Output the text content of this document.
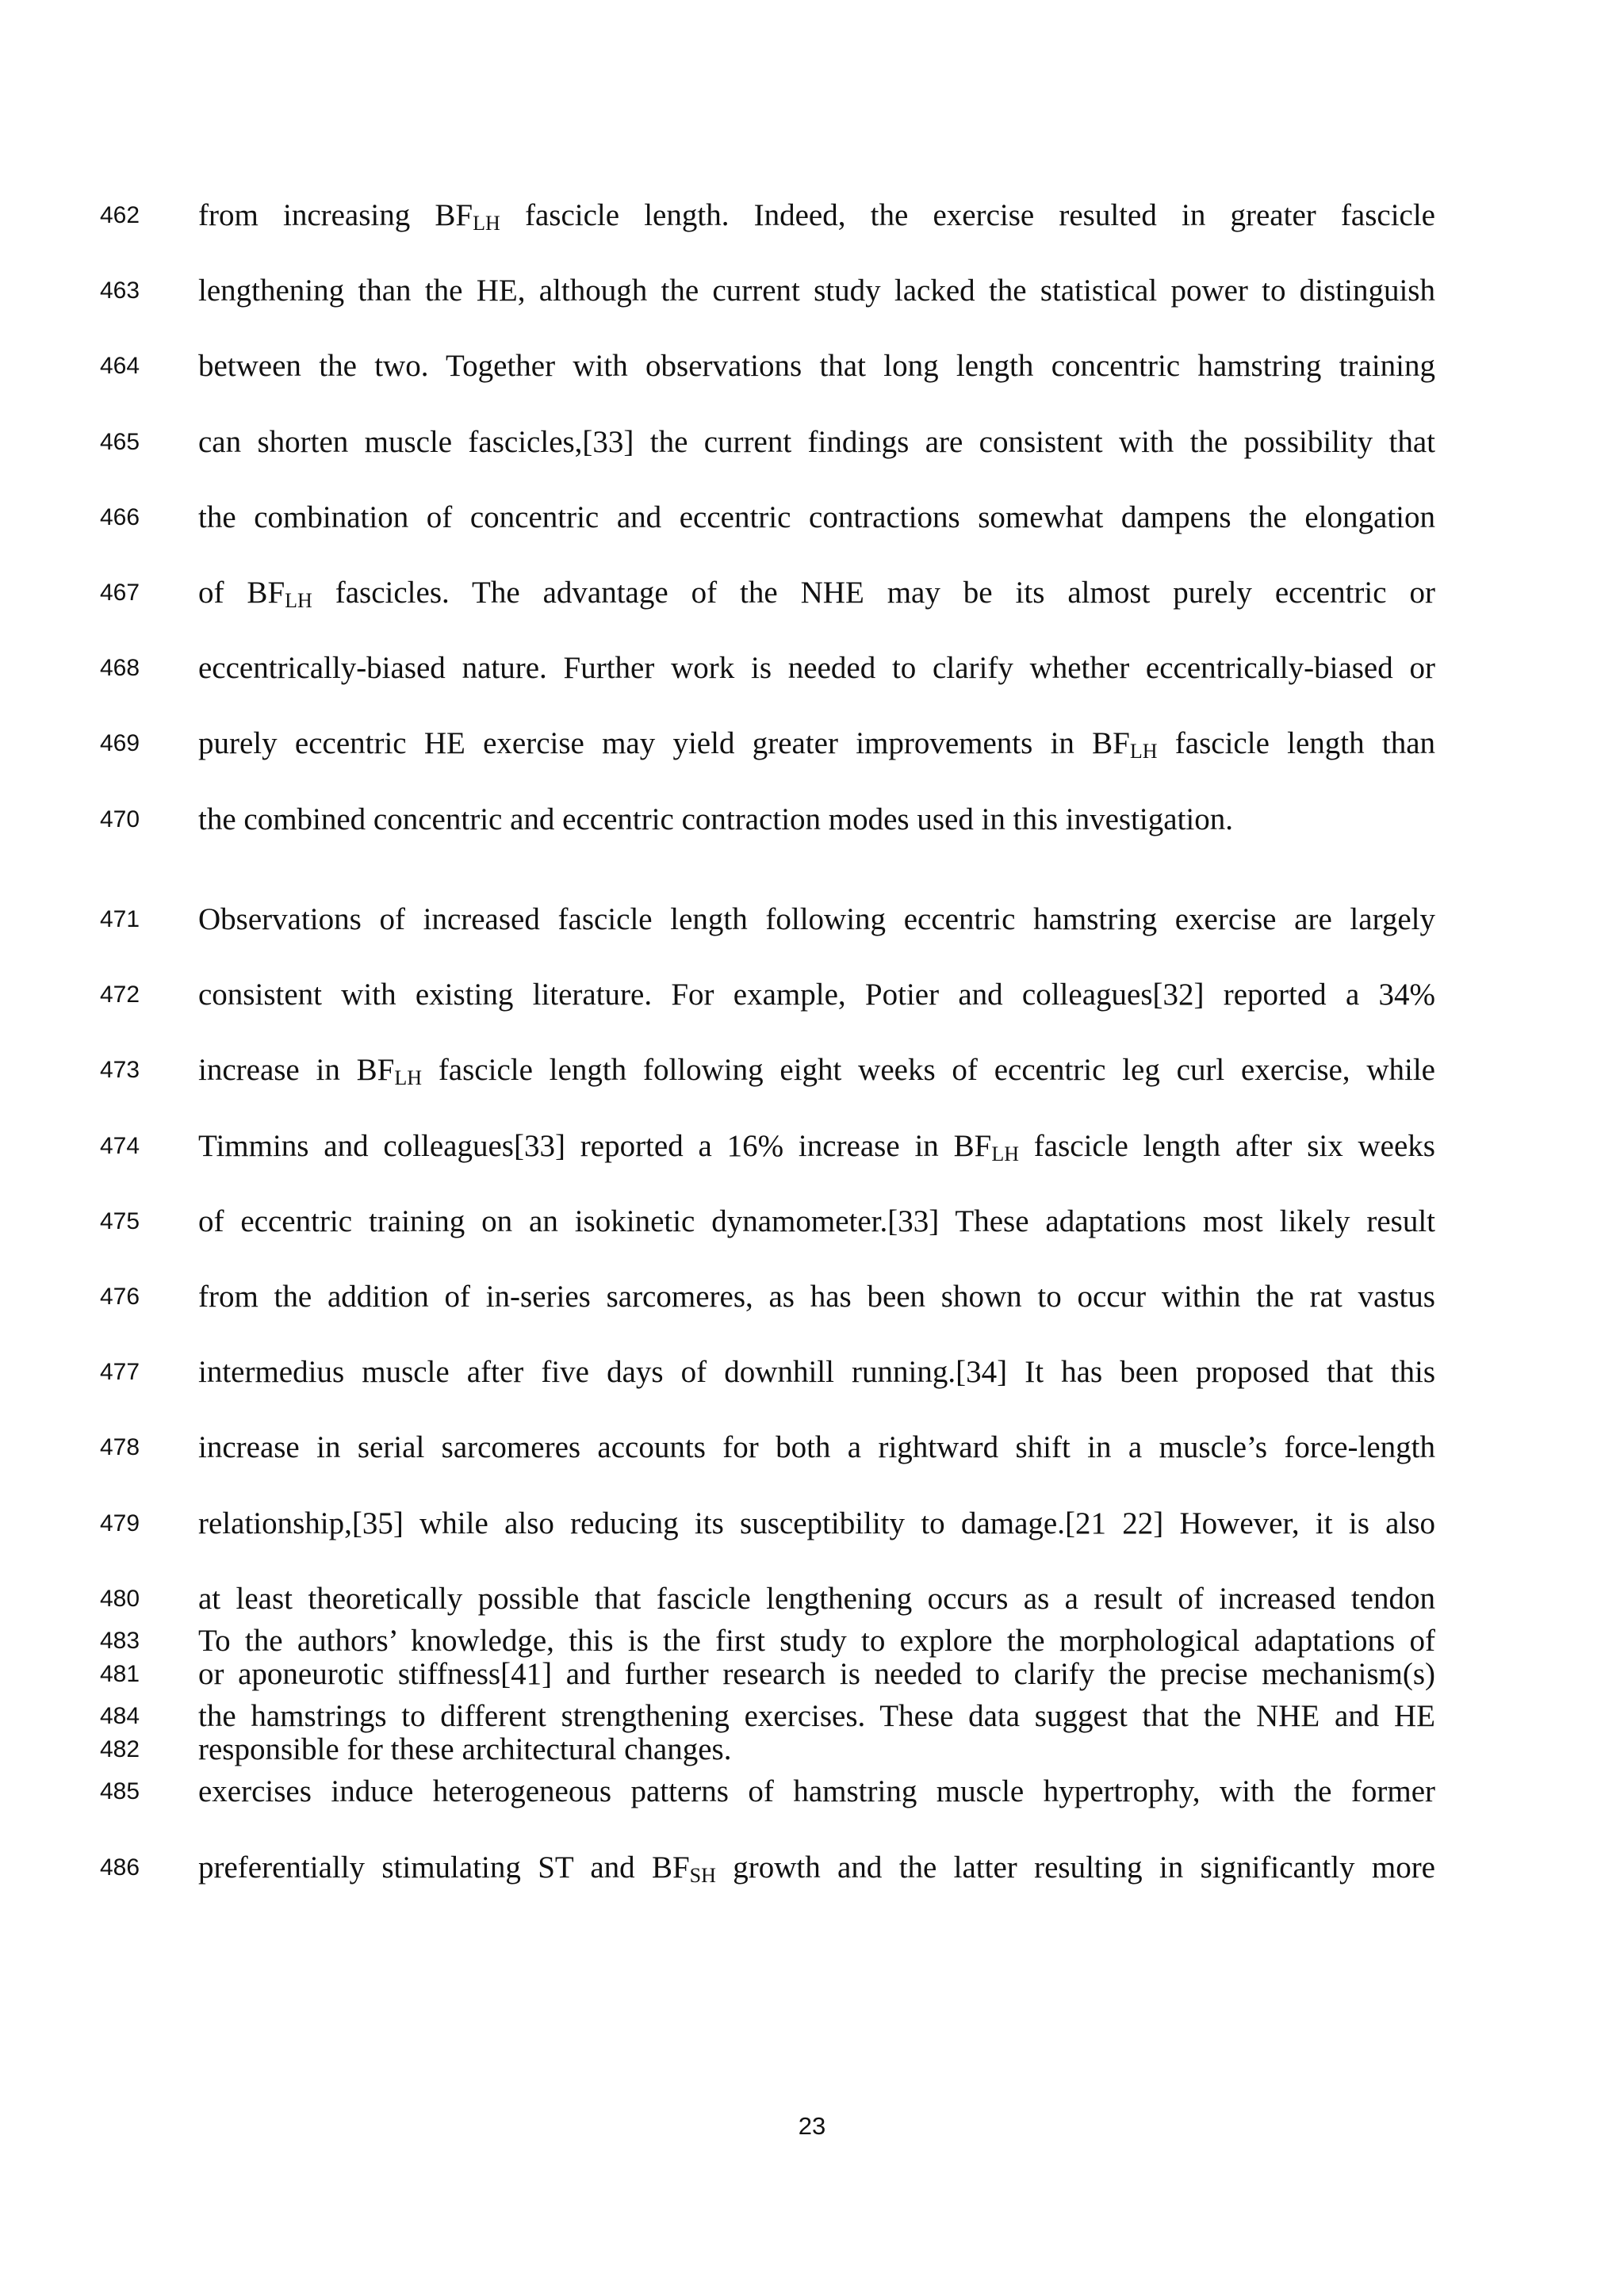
462 from increasing $BF_{LH}$ fascicle length. Indeed, the exercise resulted in greater fascicle
463 lengthening than the HE, although the current study lacked the statistical power to distinguish
464 between the two. Together with observations that long length concentric hamstring training
465 can shorten muscle fascicles,[33] the current findings are consistent with the possibility that
466 the combination of concentric and eccentric contractions somewhat dampens the elongation
467 of $BF_{LH}$ fascicles. The advantage of the NHE may be its almost purely eccentric or
468 eccentrically-biased nature. Further work is needed to clarify whether eccentrically-biased or
469 purely eccentric HE exercise may yield greater improvements in $BF_{LH}$ fascicle length than
470 the combined concentric and eccentric contraction modes used in this investigation.
471 Observations of increased fascicle length following eccentric hamstring exercise are largely
472 consistent with existing literature. For example, Potier and colleagues[32] reported a 34%
473 increase in $BF_{LH}$ fascicle length following eight weeks of eccentric leg curl exercise, while
474 Timmins and colleagues[33] reported a 16% increase in $BF_{LH}$ fascicle length after six weeks
475 of eccentric training on an isokinetic dynamometer.[33] These adaptations most likely result
476 from the addition of in-series sarcomeres, as has been shown to occur within the rat vastus
477 intermedius muscle after five days of downhill running.[34] It has been proposed that this
478 increase in serial sarcomeres accounts for both a rightward shift in a muscle’s force-length
479 relationship,[35] while also reducing its susceptibility to damage.[21 22] However, it is also
480 at least theoretically possible that fascicle lengthening occurs as a result of increased tendon
481 or aponeurotic stiffness[41] and further research is needed to clarify the precise mechanism(s)
482 responsible for these architectural changes.
483 To the authors’ knowledge, this is the first study to explore the morphological adaptations of
484 the hamstrings to different strengthening exercises. These data suggest that the NHE and HE
485 exercises induce heterogeneous patterns of hamstring muscle hypertrophy, with the former
486 preferentially stimulating ST and $BF_{SH}$ growth and the latter resulting in significantly more
23
